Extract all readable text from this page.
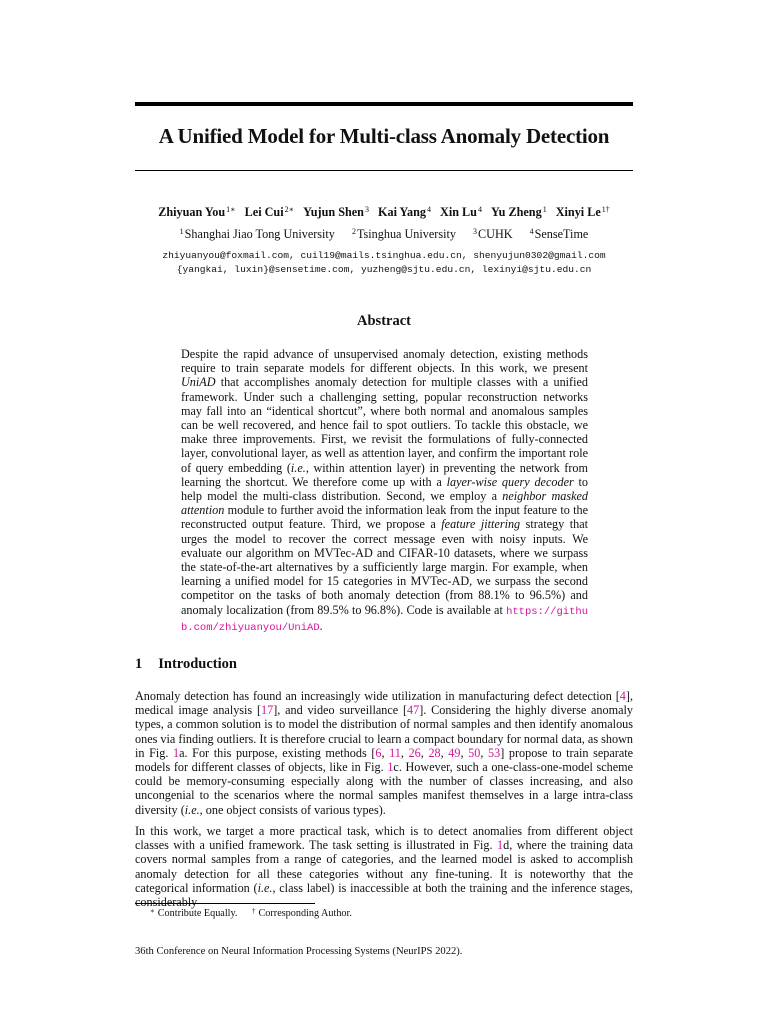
A Unified Model for Multi-class Anomaly Detection
Zhiyuan You$^{1∗}$ Lei Cui$^{2∗}$ Yujun Shen$^3$ Kai Yang$^4$ Xin Lu$^4$ Yu Zheng$^1$ Xinyi $Le^{1\dagger}$
$^1$Shanghai Jiao Tong University $^2$Tsinghua University $^3$CUHK $^4$SenseTime
zhiyuanyou@foxmail.com, cuil19@mails.tsinghua.edu.cn, shenyujun0302@gmail.com
{yangkai, luxin}@sensetime.com, yuzheng@sjtu.edu.cn, lexinyi@sjtu.edu.cn
Abstract
Despite the rapid advance of unsupervised anomaly detection, existing methods require to train separate models for different objects. In this work, we present UniAD that accomplishes anomaly detection for multiple classes with a unified framework. Under such a challenging setting, popular reconstruction networks may fall into an “identical shortcut”, where both normal and anomalous samples can be well recovered, and hence fail to spot outliers. To tackle this obstacle, we make three improvements. First, we revisit the formulations of fully-connected layer, convolutional layer, as well as attention layer, and confirm the important role of query embedding (i.e., within attention layer) in preventing the network from learning the shortcut. We therefore come up with a layer-wise query decoder to help model the multi-class distribution. Second, we employ a neighbor masked attention module to further avoid the information leak from the input feature to the reconstructed output feature. Third, we propose a feature jittering strategy that urges the model to recover the correct message even with noisy inputs. We evaluate our algorithm on MVTec-AD and CIFAR-10 datasets, where we surpass the state-of-the-art alternatives by a sufficiently large margin. For example, when learning a unified model for 15 categories in MVTec-AD, we surpass the second competitor on the tasks of both anomaly detection (from 88.1% to 96.5%) and anomaly localization (from 89.5% to 96.8%). Code is available at https://github.com/zhiyuanyou/UniAD.
1 Introduction
Anomaly detection has found an increasingly wide utilization in manufacturing defect detection [4], medical image analysis [17], and video surveillance [47]. Considering the highly diverse anomaly types, a common solution is to model the distribution of normal samples and then identify anomalous ones via finding outliers. It is therefore crucial to learn a compact boundary for normal data, as shown in Fig. 1a. For this purpose, existing methods [6, 11, 26, 28, 49, 50, 53] propose to train separate models for different classes of objects, like in Fig. 1c. However, such a one-class-one-model scheme could be memory-consuming especially along with the number of classes increasing, and also uncongenial to the scenarios where the normal samples manifest themselves in a large intra-class diversity (i.e., one object consists of various types).
In this work, we target a more practical task, which is to detect anomalies from different object classes with a unified framework. The task setting is illustrated in Fig. 1d, where the training data covers normal samples from a range of categories, and the learned model is asked to accomplish anomaly detection for all these categories without any fine-tuning. It is noteworthy that the categorical information (i.e., class label) is inaccessible at both the training and the inference stages,
∗ Contribute Equally. † Corresponding Author.
36th Conference on Neural Information Processing Systems (NeurIPS 2022).
